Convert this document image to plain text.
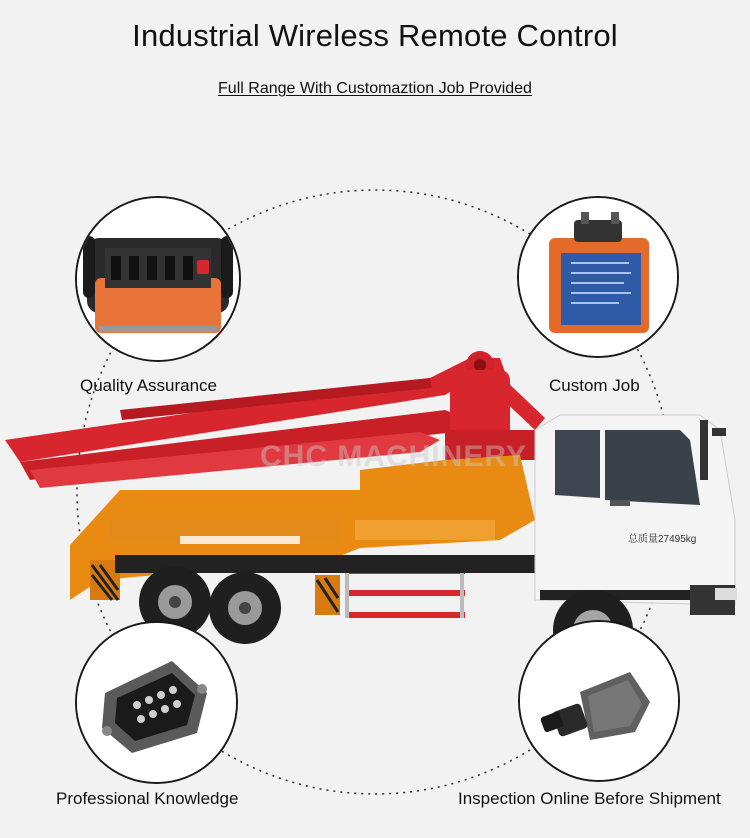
Industrial Wireless Remote Control
Full Range With Customaztion Job Provided
CHC MACHINERY
总质量27495kg
Quality Assurance	Custom Job
Professional Knowledge	Inspection Online Before Shipment
